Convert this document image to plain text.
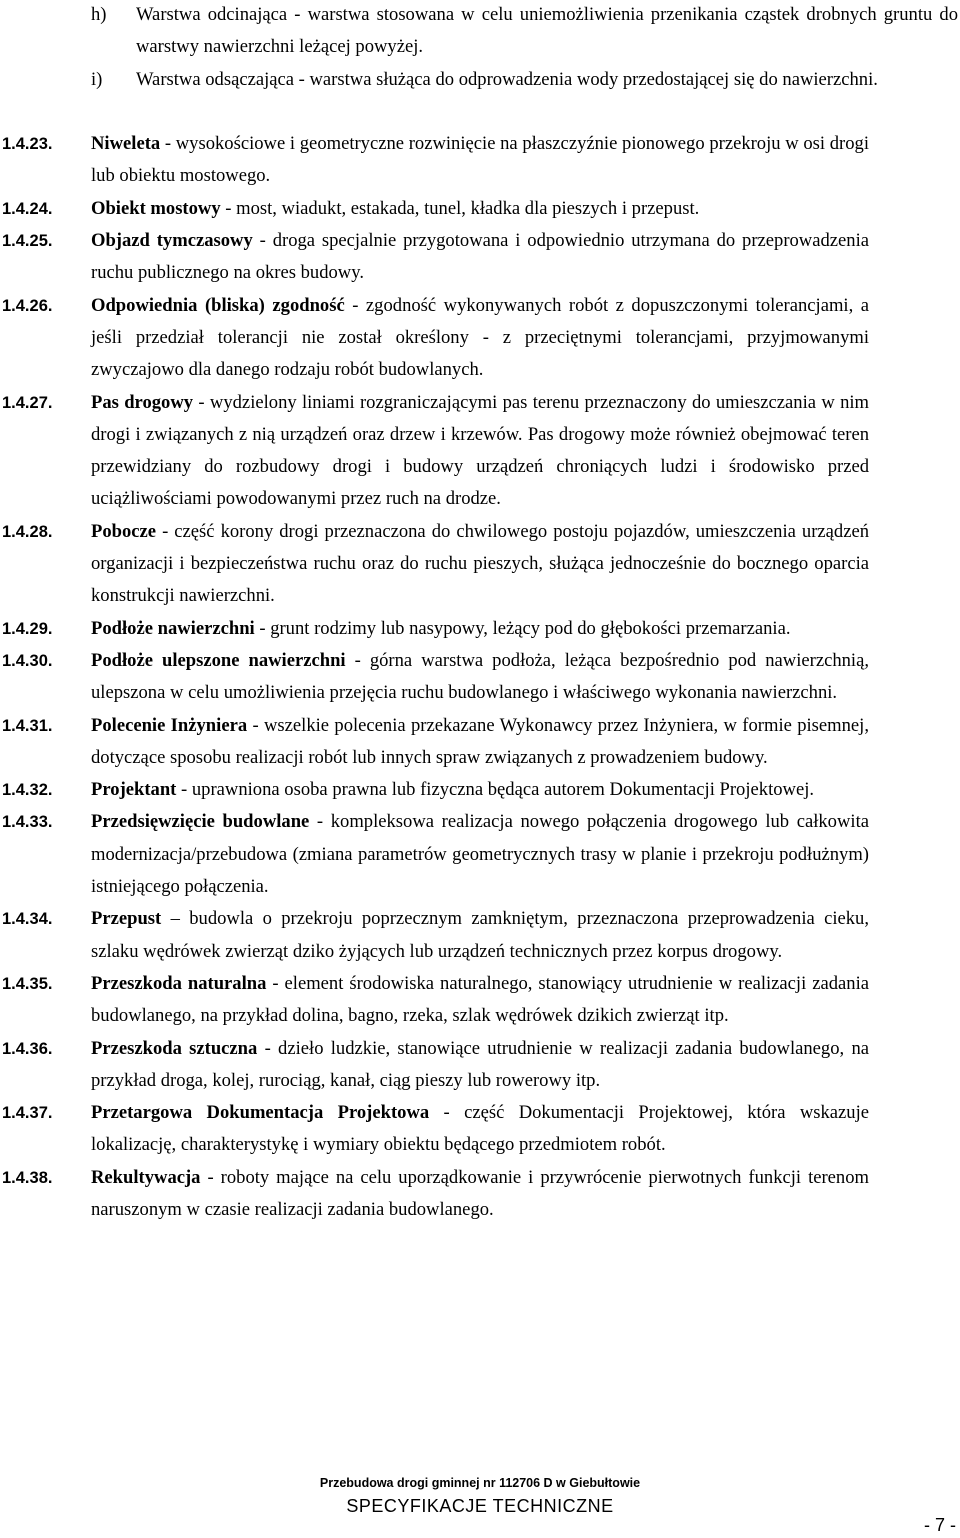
h) Warstwa odcinająca - warstwa stosowana w celu uniemożliwienia przenikania cząstek drobnych gruntu do warstwy nawierzchni leżącej powyżej.
i) Warstwa odsączająca - warstwa służąca do odprowadzenia wody przedostającej się do nawierzchni.
1.4.23. Niweleta - wysokościowe i geometryczne rozwinięcie na płaszczyźnie pionowego przekroju w osi drogi lub obiektu mostowego.
1.4.24. Obiekt mostowy - most, wiadukt, estakada, tunel, kładka dla pieszych i przepust.
1.4.25. Objazd tymczasowy - droga specjalnie przygotowana i odpowiednio utrzymana do przeprowadzenia ruchu publicznego na okres budowy.
1.4.26. Odpowiednia (bliska) zgodność - zgodność wykonywanych robót z dopuszczonymi tolerancjami, a jeśli przedział tolerancji nie został określony - z przeciętnymi tolerancjami, przyjmowanymi zwyczajowo dla danego rodzaju robót budowlanych.
1.4.27. Pas drogowy - wydzielony liniami rozgraniczającymi pas terenu przeznaczony do umieszczania w nim drogi i związanych z nią urządzeń oraz drzew i krzewów. Pas drogowy może również obejmować teren przewidziany do rozbudowy drogi i budowy urządzeń chroniących ludzi i środowisko przed uciążliwościami powodowanymi przez ruch na drodze.
1.4.28. Pobocze - część korony drogi przeznaczona do chwilowego postoju pojazdów, umieszczenia urządzeń organizacji i bezpieczeństwa ruchu oraz do ruchu pieszych, służąca jednocześnie do bocznego oparcia konstrukcji nawierzchni.
1.4.29. Podłoże nawierzchni - grunt rodzimy lub nasypowy, leżący pod do głębokości przemarzania.
1.4.30. Podłoże ulepszone nawierzchni - górna warstwa podłoża, leżąca bezpośrednio pod nawierzchnią, ulepszona w celu umożliwienia przejęcia ruchu budowlanego i właściwego wykonania nawierzchni.
1.4.31. Polecenie Inżyniera - wszelkie polecenia przekazane Wykonawcy przez Inżyniera, w formie pisemnej, dotyczące sposobu realizacji robót lub innych spraw związanych z prowadzeniem budowy.
1.4.32. Projektant - uprawniona osoba prawna lub fizyczna będąca autorem Dokumentacji Projektowej.
1.4.33. Przedsięwzięcie budowlane - kompleksowa realizacja nowego połączenia drogowego lub całkowita modernizacja/przebudowa (zmiana parametrów geometrycznych trasy w planie i przekroju podłużnym) istniejącego połączenia.
1.4.34. Przepust – budowla o przekroju poprzecznym zamkniętym, przeznaczona przeprowadzenia cieku, szlaku wędrówek zwierząt dziko żyjących lub urządzeń technicznych przez korpus drogowy.
1.4.35. Przeszkoda naturalna - element środowiska naturalnego, stanowiący utrudnienie w realizacji zadania budowlanego, na przykład dolina, bagno, rzeka, szlak wędrówek dzikich zwierząt itp.
1.4.36. Przeszkoda sztuczna - dzieło ludzkie, stanowiące utrudnienie w realizacji zadania budowlanego, na przykład droga, kolej, rurociąg, kanał, ciąg pieszy lub rowerowy itp.
1.4.37. Przetargowa Dokumentacja Projektowa - część Dokumentacji Projektowej, która wskazuje lokalizację, charakterystykę i wymiary obiektu będącego przedmiotem robót.
1.4.38. Rekultywacja - roboty mające na celu uporządkowanie i przywrócenie pierwotnych funkcji terenom naruszonym w czasie realizacji zadania budowlanego.
Przebudowa drogi gminnej nr 112706 D w Giebułtowie
SPECYFIKACJE TECHNICZNE
- 7 -
